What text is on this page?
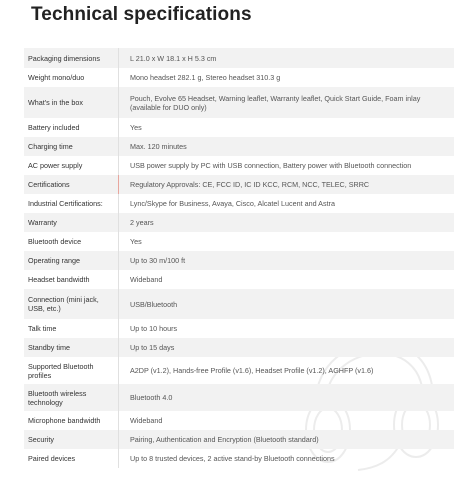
Technical specifications
Packaging dimensions	L 21.0 x W 18.1 x H 5.3 cm
Weight mono/duo	Mono headset 282.1 g, Stereo headset 310.3 g
What's in the box	Pouch, Evolve 65 Headset, Warning leaflet, Warranty leaflet, Quick Start Guide, Foam inlay (available for DUO only)
Battery included	Yes
Charging time	Max. 120 minutes
AC power supply	USB power supply by PC with USB connection, Battery power with Bluetooth connection
Certifications	Regulatory Approvals: CE, FCC ID, IC ID KCC, RCM, NCC, TELEC, SRRC
Industrial Certifications:	Lync/Skype for Business, Avaya, Cisco, Alcatel Lucent and Astra
Warranty	2 years
Bluetooth device	Yes
Operating range	Up to 30 m/100 ft
Headset bandwidth	Wideband
Connection (mini jack, USB, etc.)	USB/Bluetooth
Talk time	Up to 10 hours
Standby time	Up to 15 days
Supported Bluetooth profiles	A2DP (v1.2), Hands-free Profile (v1.6), Headset Profile (v1.2), AGHFP (v1.6)
Bluetooth wireless technology	Bluetooth 4.0
Microphone bandwidth	Wideband
Security	Pairing, Authentication and Encryption (Bluetooth standard)
Paired devices	Up to 8 trusted devices, 2 active stand-by Bluetooth connections
